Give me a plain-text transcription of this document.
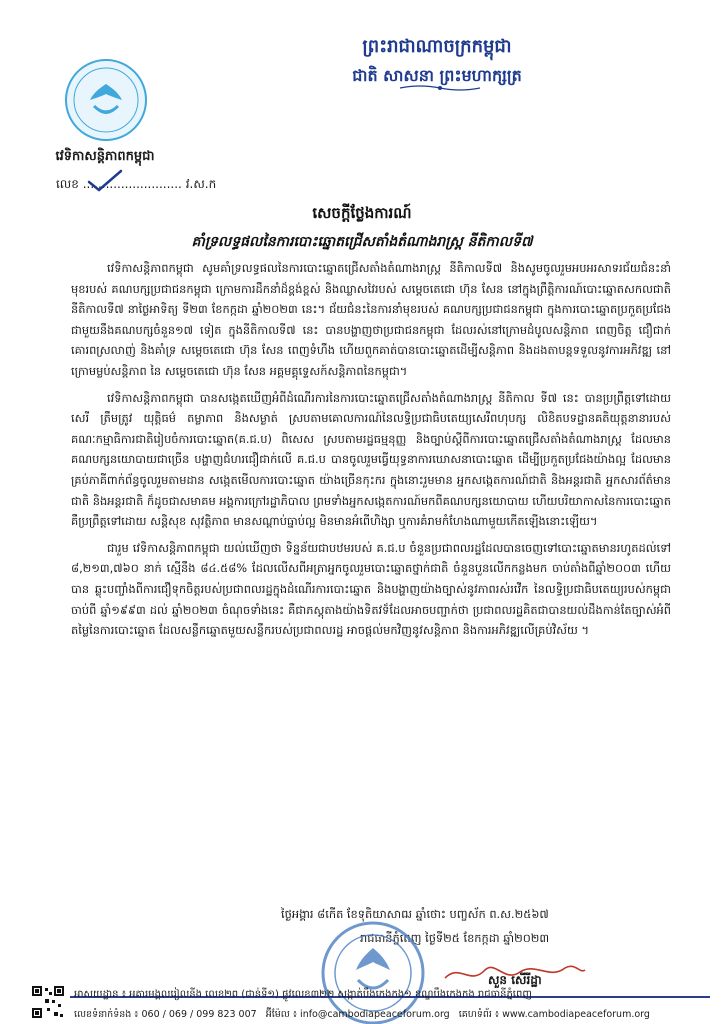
ព្រះរាជាណាចក្រកម្ពុជា
ជាតិ សាសនា ព្រះមហាក្សត្រ
វេទិកាសន្តិភាពកម្ពុជា
លេខ .......................... វ.ស.ក
សេចក្តីថ្លែងការណ៍
គាំទ្រលទ្ធផលនៃការបោះឆ្នោតជ្រើសតាំងតំណាងរាស្ត្រ នីតិកាលទី៧

វេទិកាសន្តិភាពកម្ពុជា សូមគាំទ្រលទ្ធផលនៃការបោះឆ្នោតជ្រើសតាំងតំណាងរាស្ត្រ នីតិកាលទី៧ និងសូមចូលរួមអបអរសាទរជ័យជំនះនាំមុខរបស់ គណបក្សប្រជាជនកម្ពុជា ក្រោមការដឹកនាំដ៏ខ្ពង់ខ្ពស់ និងឈ្លាសវៃរបស់ សម្តេចតេជោ ហ៊ុន សែន នៅក្នុងព្រឹត្តិការណ៍បោះឆ្នោតសកលជាតិ នីតិកាលទី៧ នាថ្ងៃអាទិត្យ ទី២៣ ខែកក្កដា ឆ្នាំ២០២៣ នេះ។ ជ័យជំនះនៃការនាំមុខរបស់ គណបក្សប្រជាជនកម្ពុជា ក្នុងការបោះឆ្នោតប្រកួតប្រជែងជាមួយនឹងគណបក្សចំនួន១៧ ទៀត ក្នុងនីតិកាលទី៧ នេះ បានបង្ហាញថាប្រជាជនកម្ពុជា ដែលរស់នៅក្រោមដំបូលសន្តិភាព ពេញចិត្ត ជឿជាក់ គោរពស្រលាញ់ និងគាំទ្រ សម្តេចតេជោ ហ៊ុន សែន ពេញទំហឹង ហើយពួកគាត់បានបោះឆ្នោតដើម្បីសន្តិភាព និងដងតាបន្តទទួលនូវការអភិវឌ្ឍ នៅក្រោមម្លប់សន្តិភាព នៃ សម្តេចតេជោ ហ៊ុន សែន អគ្គមគ្គុទ្ទេសក៍សន្តិភាពនៃកម្ពុជា។

វេទិកាសន្តិភាពកម្ពុជា បានសង្កេតឃើញអំពីដំណើរការនៃការបោះឆ្នោតជ្រើសតាំងតំណាងរាស្ត្រ នីតិកាល ទី៧ នេះ បានប្រព្រឹត្តទៅដោយ សេរី ត្រឹមត្រូវ យុត្តិធម៌ តម្លាភាព និងសម្ងាត់ ស្របតាមគោលការណ៍នៃលទ្ធិប្រជាធិបតេយ្យសេរីពហុបក្ស លិខិតបទដ្ឋានគតិយុត្តនានារបស់គណៈកម្មាធិការជាតិរៀបចំការបោះឆ្នោត(គ.ជ.ប) ពិសេស ស្របតាមរដ្ឋធម្មនុញ្ញ និងច្បាប់ស្តីពីការបោះឆ្នោតជ្រើសតាំងតំណាងរាស្ត្រ ដែលមានគណបក្សនយោបាយជាច្រើន បង្ហាញជំហរជឿជាក់លើ គ.ជ.ប បានចូលរួមធ្វើយុទ្ធនាការឃោសនាបោះឆ្នោត ដើម្បីប្រកួតប្រជែងយ៉ាងល្អ ដែលមានគ្រប់ភាគីពាក់ព័ន្ធចូលរួមតាមដាន សង្កេតមើលការបោះឆ្នោត យ៉ាងច្រើនកុះករ ក្នុងនោះរួមមាន អ្នកសង្កេតការណ៍ជាតិ និងអន្តរជាតិ អ្នកសារព័ត៌មានជាតិ និងអន្តរជាតិ ក៏ដូចជាសមាគម អង្គការក្រៅរដ្ឋាភិបាល ព្រមទាំងអ្នកសង្កេតការណ៍មកពីគណបក្សនយោបាយ ហើយបរិយាកាសនៃការបោះឆ្នោត គឺប្រព្រឹត្តទៅដោយ សន្តិសុខ សុវត្ថិភាព មានសណ្តាប់ធ្នាប់ល្អ មិនមានអំពើហិង្សា ឬការគំរាមកំហែងណាមួយកើតឡើងនោះឡើយ។

ជារួម វេទិកាសន្តិភាពកម្ពុជា យល់ឃើញថា ទិន្នន័យជាបឋមរបស់ គ.ជ.ប ចំនួនប្រជាពលរដ្ឋដែលបានចេញទៅបោះឆ្នោតមានរហូតដល់ទៅ ៨,២១៣,៧៦០ នាក់ ស្មើនឹង ៨៤.៥៨% ដែលលើសពីអត្រាអ្នកចូលរួមបោះឆ្នោតថ្នាក់ជាតិ ចំនួនបួនលើកកន្លងមក ចាប់តាំងពីឆ្នាំ២០០៣ ហើយបាន ឆ្លុះបញ្ចាំងពីការជឿទុកចិត្តរបស់ប្រជាពលរដ្ឋក្នុងដំណើរការបោះឆ្នោត និងបង្ហាញយ៉ាងច្បាស់នូវភាពរស់រវើក នៃលទ្ធិប្រជាធិបតេយ្យរបស់កម្ពុជាចាប់ពី ឆ្នាំ១៩៩៣ ដល់ ឆ្នាំ២០២៣ ចំណុចទាំងនេះ គឺជាភស្តុតាងយ៉ាងទិតវទ៏ដែលអាចបញ្ជាក់ថា ប្រជាពលរដ្ឋគិតជាបានយល់ដឹងកាន់តែច្បាស់អំពី តម្លៃនៃការបោះឆ្នោត ដែលសន្លឹកឆ្នោតមួយសន្លឹករបស់ប្រជាពលរដ្ឋ អាចផ្តល់មកវិញនូវសន្តិភាព និងការអភិវឌ្ឍលើគ្រប់វិស័យ ។

ថ្ងៃអង្គារ ៨កើត ខែទុតិយាសាឍ ឆ្នាំថោះ បញ្ចស័ក ព.ស.២៥៦៧
រាជធានីភ្នំពេញ ថ្ងៃទី២៥ ខែកក្កដា ឆ្នាំ២០២៣
សួន សើរីដ្ឋា
អាសយដ្ឋាន ៖ អគារមង្គលរៀលនីង លេខ២ព (ជាន់ទី១) ផ្លូវលេខ៣២២ សង្កាត់បឹងកេងកង១ ខណ្ឌបឹងកេងកង រាជធានីភ្នំពេញ
លេខទំនាក់ទំនង ៖ 060 / 069 / 099 823 007 អ៊ីម៉ែល ៖ info@cambodiapeaceforum.org គេហទំព័រ ៖ www.cambodiapeaceforum.org
